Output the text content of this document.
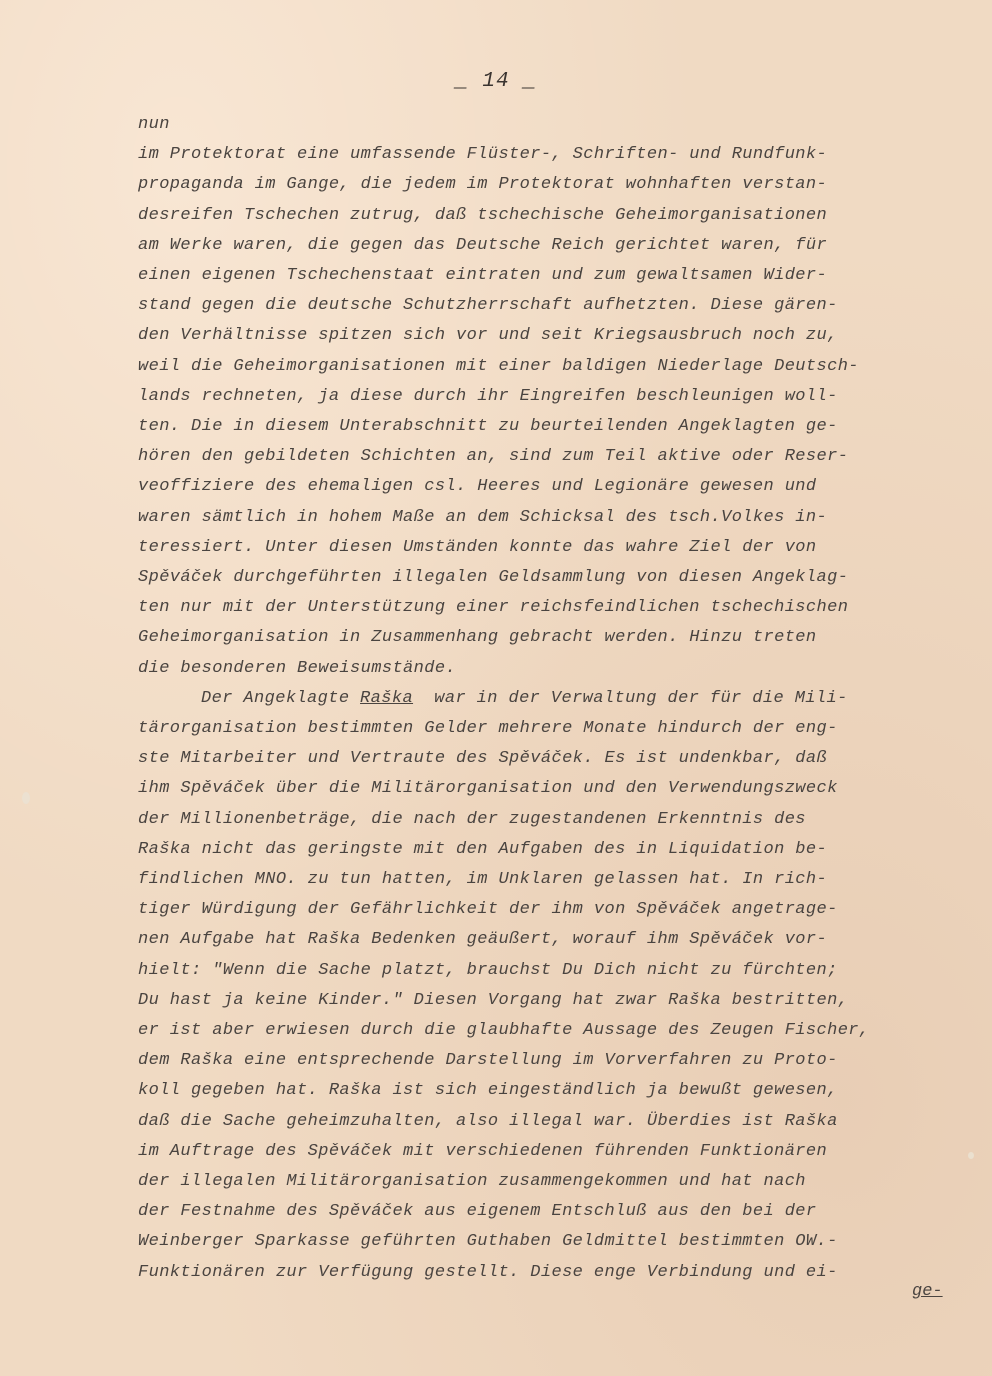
_ 14 _
nun
im Protektorat eine umfassende Flüster-, Schriften- und Rundfunk-
propaganda im Gange, die jedem im Protektorat wohnhaften verstan-
desreifen Tschechen zutrug, daß tschechische Geheimorganisationen
am Werke waren, die gegen das Deutsche Reich gerichtet waren, für
einen eigenen Tschechenstaat eintraten und zum gewaltsamen Wider-
stand gegen die deutsche Schutzherrschaft aufhetzten. Diese gären-
den Verhältnisse spitzen sich vor und seit Kriegsausbruch noch zu,
weil die Geheimorganisationen mit einer baldigen Niederlage Deutsch-
lands rechneten, ja diese durch ihr Eingreifen beschleunigen woll-
ten. Die in diesem Unterabschnitt zu beurteilenden Angeklagten ge-
hören den gebildeten Schichten an, sind zum Teil aktive oder Reser-
veoffiziere des ehemaligen csl. Heeres und Legionäre gewesen und
waren sämtlich in hohem Maße an dem Schicksal des tsch.Volkes in-
teressiert. Unter diesen Umständen konnte das wahre Ziel der von
Spěváček durchgeführten illegalen Geldsammlung von diesen Angeklag-
ten nur mit der Unterstützung einer reichsfeindlichen tschechischen
Geheimorganisation in Zusammenhang gebracht werden. Hinzu treten
die besonderen Beweisumstände.
Der Angeklagte Raška  war in der Verwaltung der für die Mili-
tärorganisation bestimmten Gelder mehrere Monate hindurch der eng-
ste Mitarbeiter und Vertraute des Spěváček. Es ist undenkbar, daß
ihm Spěváček über die Militärorganisation und den Verwendungszweck
der Millionenbeträge, die nach der zugestandenen Erkenntnis des
Raška nicht das geringste mit den Aufgaben des in Liquidation be-
findlichen MNO. zu tun hatten, im Unklaren gelassen hat. In rich-
tiger Würdigung der Gefährlichkeit der ihm von Spěváček angetrage-
nen Aufgabe hat Raška Bedenken geäußert, worauf ihm Spěváček vor-
hielt: "Wenn die Sache platzt, brauchst Du Dich nicht zu fürchten;
Du hast ja keine Kinder." Diesen Vorgang hat zwar Raška bestritten,
er ist aber erwiesen durch die glaubhafte Aussage des Zeugen Fischer,
dem Raška eine entsprechende Darstellung im Vorverfahren zu Proto-
koll gegeben hat. Raška ist sich eingeständlich ja bewußt gewesen,
daß die Sache geheimzuhalten, also illegal war. Überdies ist Raška
im Auftrage des Spěváček mit verschiedenen führenden Funktionären
der illegalen Militärorganisation zusammengekommen und hat nach
der Festnahme des Spěváček aus eigenem Entschluß aus den bei der
Weinberger Sparkasse geführten Guthaben Geldmittel bestimmten OW.-
Funktionären zur Verfügung gestellt. Diese enge Verbindung und ei-
ge-
